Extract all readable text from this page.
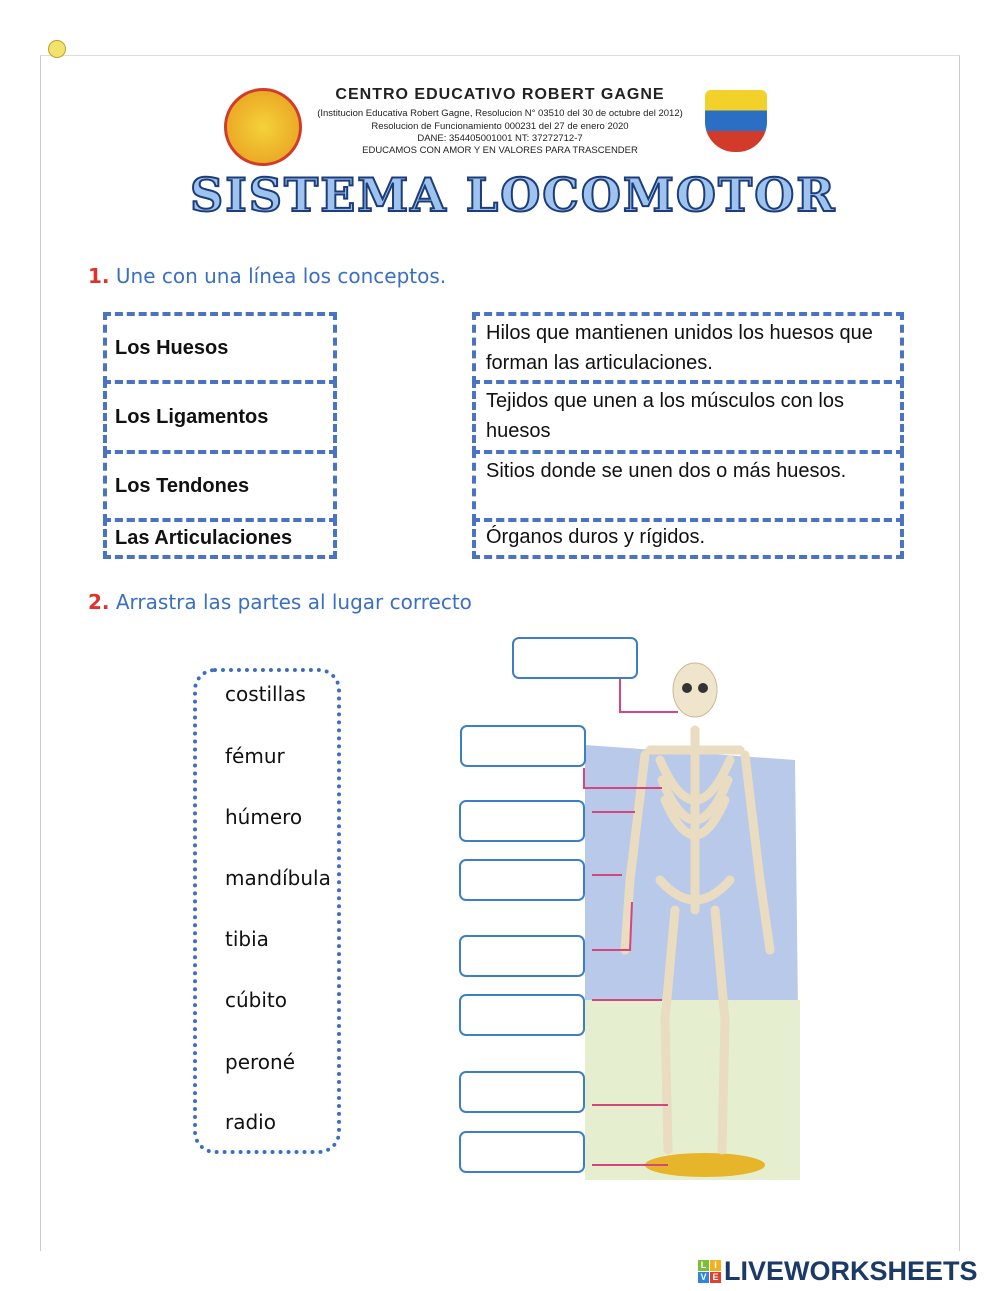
CENTRO EDUCATIVO ROBERT GAGNE
(Institucion Educativa Robert Gagne, Resolucion N° 03510 del 30 de octubre del 2012)
Resolucion de Funcionamiento 000231 del 27 de enero 2020
DANE: 354405001001 NT: 37272712-7
EDUCAMOS CON AMOR Y EN VALORES PARA TRASCENDER
SISTEMA LOCOMOTOR
1. Une con una línea los conceptos.
Los Huesos
Los Ligamentos
Los Tendones
Las Articulaciones
Hilos que mantienen unidos los huesos que forman las articulaciones.
Tejidos que unen a los músculos con los huesos
Sitios donde se unen dos o más huesos.
Órganos duros y rígidos.
2. Arrastra las partes al lugar correcto
costillas
fémur
húmero
mandíbula
tibia
cúbito
peroné
radio
L I
V E LIVEWORKSHEETS
